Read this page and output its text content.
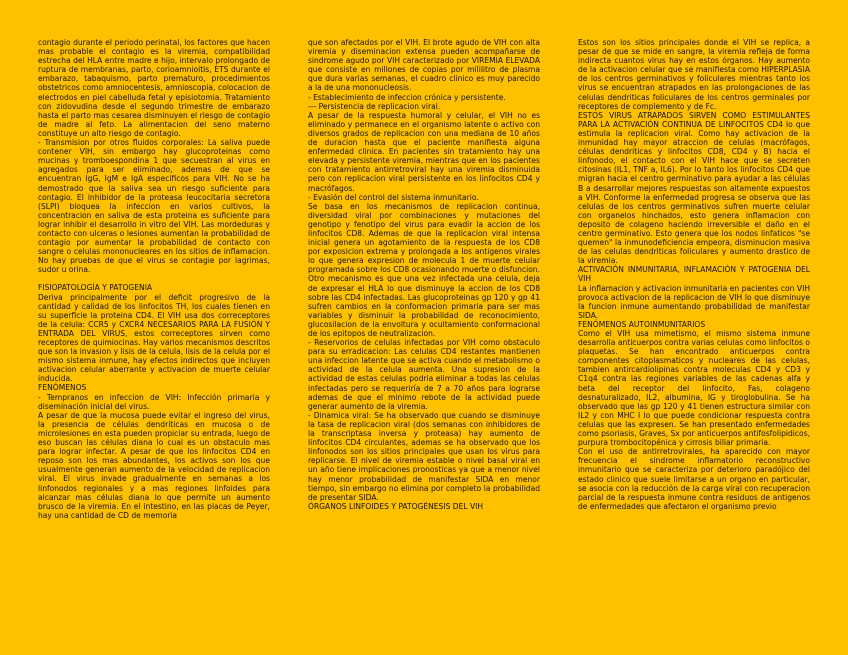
contagio durante el periodo perinatal, los factores que hacen mas probable el contagio es la viremia, compatibilidad estrecha del HLA entre madre e hijo, intervalo prolongado de ruptura de membranas, parto, corioamnioitis, ETS durante el embarazo, tabaquismo, parto prematuro, procedimientos obstetricos como amniocentesis, amnioscopia, colocacion de electrodos en piel cabelluda fetal y episiotomia. Tratamiento con zidovudina desde el segundo trimestre de embarazo hasta el parto mas cesarea disminuyen el riesgo de contagio de madre al feto. La alimentacion del seno materno constituye un alto riesgo de contagio.

- Transmision por otros fluidos corporales: La saliva puede contener VIH, sin embargo hay glucoproteinas como mucinas y tromboespondina 1 que secuestran al virus en agregados para ser eliminado, ademas de que se encuentran IgG, IgM e IgA especificos para VIH. No se ha demostrado que la saliva sea un riesgo suficiente para contagio. El inhibidor de la proteasa leucocitaria secretora (SLPI) bloquea la infeccion en varios cultivos, la concentracion en saliva de esta proteina es suficiente para lograr inhibir el desarrollo in vitro del VIH. Las mordeduras y contacto con ulceras o lesiones aumentan la probabilidad de contagio por aumentar la probabilidad de contacto con sangre o celulas mononucleares en los sitios de inflamacion. No hay pruebas de que el virus se contagie por lagrimas, sudor u orina.

FISIOPATOLOGÍA Y PATOGENIA

Deriva principalmente por el deficit progresivo de la cantidad y calidad de los linfocitos TH, los cuales tienen en su superficie la proteina CD4. El VIH usa dos correceptores de la celula: CCR5 y CXCR4 NECESARIOS PARA LA FUSIÓN Y ENTRADA DEL VIRUS, estos correceptores sirven como receptores de quimiocinas. Hay varios mecanismos descritos que son la invasion y lisis de la celula, lisis de la celula por el mismo sistema inmune, hay efectos indirectos que incluyen activacion celular aberrante y activacion de muerte celular inducida.

FENÓMENOS

- Tempranos en infeccion de VIH: Infección primaria y diseminación inicial del virus.

A pesar de que la mucosa puede evitar el ingreso del virus, la presencia de células dendríticas en mucosa o de microlesiones en esta pueden propiciar su entrada, luego de eso buscan las células diana lo cual es un obstaculo mas para lograr infectar. A pesar de que los linfocitos CD4 en reposo son los mas abundantes, los activos son los que usualmente generan aumento de la velocidad de replicacion viral. El virus invade gradualmente en semanas a los linfonodos regionales y a mas regiones linfoides para alcanzar mas células diana lo que permite un aumento brusco de la viremia. En el intestino, en las placas de Peyer, hay una cantidad de CD de memoria

que son afectados por el VIH. El brote agudo de VIH con alta viremia y diseminacion extensa pueden acompañarse de sindrome agudo por VIH caracterizado por VIREMIA ELEVADA que consiste en millones de copias por mililitro de plasma que dura varias semanas, el cuadro clinico es muy parecido a la de una mononucleosis.

- Establecimiento de infeccion crónica y persistente.

--- Persistencia de replicacion viral.

A pesar de la respuesta humoral y celular, el VIH no es eliminado y permanece en el organismo latente o activo con diversos grados de replicacion con una mediana de 10 años de duracion hasta que el paciente manifiesta alguna enfermedad clinica. En pacientes sin tratamiento hay una elevada y persistente viremia, mientras que en los pacientes con tratamiento antirretroviral hay una viremia disminuida pero con replicacion viral persistente en los linfocitos CD4 y macrófagos.

- Evasión del control del sistema inmunitario.

Se basa en los mecanismos de replicacion continua, diversidad viral por combinaciones y mutaciones del genotipo y fenotipo del virus para evadir la accion de los linfocitos CD8. Ademas de que la replicacion viral intensa inicial genera un agotamiento de la respuesta de los CD8 por exposicion extrema y prolongada a los antigenos virales lo que genera expresion de molecula 1 de muerte celular programada sobre los CD8 ocasionando muerte o disfuncion. Otro mecanismo es que una vez infectada una celula, deja de expresar el HLA lo que disminuye la accion de los CD8 sobre las CD4 infectadas. Las glucoproteinas gp 120 y gp 41 sufren cambios en la conformacion primaria para ser mas variables y disminuir la probabilidad de reconocimiento, glucosilacion de la envoltura y ocultamiento conformacional de los epitopos de neutralizacion.

- Reservorios de celulas infectadas por VIH como obstaculo para su erradicacion: Las celulas CD4 restantes mantienen una infeccion latente que se activa cuando el metabolismo o actividad de la celula aumenta. Una supresion de la actividad de estas celulas podria eliminar a todas las celulas infectadas pero se requeriría de 7 a 70 años para lograrse ademas de que el minimo rebote de la actividad puede generar aumento de la viremia.

- Dinamica viral: Se ha observado que cuando se disminuye la tasa de replicacion viral (dos semanas con inhibidores de la transcriptasa inversa y proteasa) hay aumento de linfocitos CD4 circulantes, ademas se ha observado que los linfonodos son los sitios principales que usan los virus para replicarse. El nivel de viremia estable o nivel basal viral en un año tiene implicaciones pronosticas ya que a menor nivel hay menor probabilidad de manifestar SIDA en menor tiempo, sin embargo no elimina por completo la probabilidad de presentar SIDA.

ÓRGANOS LINFOIDES Y PATOGÉNESIS DEL VIH

Estos son los sitios principales donde el VIH se replica, a pesar de que se mide en sangre, la viremia refleja de forma indirecta cuantos virus hay en estos órganos. Hay aumento de la activacion celular que se manifiesta como HIPERPLASIA de los centros germinativos y foliculares mientras tanto los virus se encuentran atrapados en las prolongaciones de las celulas dendriticas foliculares de los centros germinales por receptores de complemento y de Fc.

ESTOS VIRUS ATRAPADOS SIRVEN COMO ESTIMULANTES PARA LA ACTIVACIÓN CONTINUA DE LINFOCITOS CD4 lo que estimula la replicacion viral. Como hay activacion de la inmunidad hay mayor atraccion de celulas (macrófagos, células dendriticas y linfocitos CD8, CD4 y B) hacia el linfonodo, el contacto con el VIH hace que se secreten citosinas (IL1, TNF a, IL6). Por lo tanto los linfocitos CD4 que migran hacia el centro germinativo para ayudar a las células B a desarrollar mejores respuestas son altamente expuestos a VIH. Conforme la enfermedad progresa se observa que las celulas de los centros germinativos sufren muerte celular con organelos hinchados, esto genera inflamacion con deposito de colageno haciendo irreversible el daño en el centro germinativo. Esto genera que los nodos linfaticos "se quemen" la inmunodeficiencia empeora, disminucion masiva de las celulas dendriticas foliculares y aumento drastico de la viremia.

ACTIVACIÓN INMUNITARIA, INFLAMACIÓN Y PATOGENIA DEL VIH

La inflamacion y activacion inmunitaria en pacientes con VIH provoca activacion de la replicacion de VIH lo que disminuye la funcion inmune aumentando probabilidad de manifestar SIDA.

FENÓMENOS AUTOINMUNITARIOS

Como el VIH usa mimetismo, el mismo sistema inmune desarrolla anticuerpos contra varias celulas como linfocitos o plaquetas. Se han encontrado anticuerpos contra componentes citoplasmaticos y nucleares de las celulas, tambien antircardiolipinas contra moleculas CD4 y CD3 y C1q4 contra las regiones variables de las cadenas alfa y beta del receptor del linfocito, Fas, colageno desnaturalizado, IL2, albumina, IG y tiroglobulina. Se ha observado que las gp 120 y 41 tienen estructura similar con IL2 y con MHC I lo que puede condicionar respuesta contra celulas que las expresen. Se han presentado enfermedades como psoriasis, Graves, Sx por anticuerpos antifosfolipidicos, purpura trombocitopénica y cirrosis biliar primaria.

Con el uso de antirretrovirales, ha aparecido con mayor frecuencia el sindrome inflamatorio reconstructivo inmunitario que se caracteriza por deterioro paradójico del estado clinico que suele limitarse a un organo en particular, se asocia con la reducción de la carga viral con recuperacion parcial de la respuesta inmune contra residuos de antigenos de enfermedades que afectaron el organismo previo
